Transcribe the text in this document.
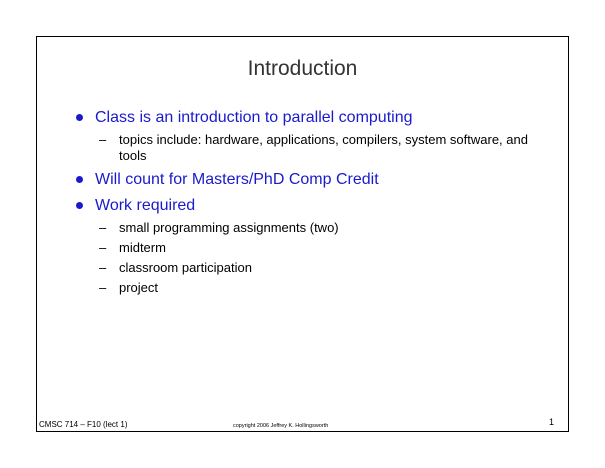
Introduction
Class is an introduction to parallel computing
– topics include: hardware, applications, compilers, system software, and tools
Will count for Masters/PhD Comp Credit
Work required
– small programming assignments (two)
– midterm
– classroom participation
– project
CMSC 714 – F10 (lect 1)	copyright 2006 Jeffrey K. Hollingsworth	1
